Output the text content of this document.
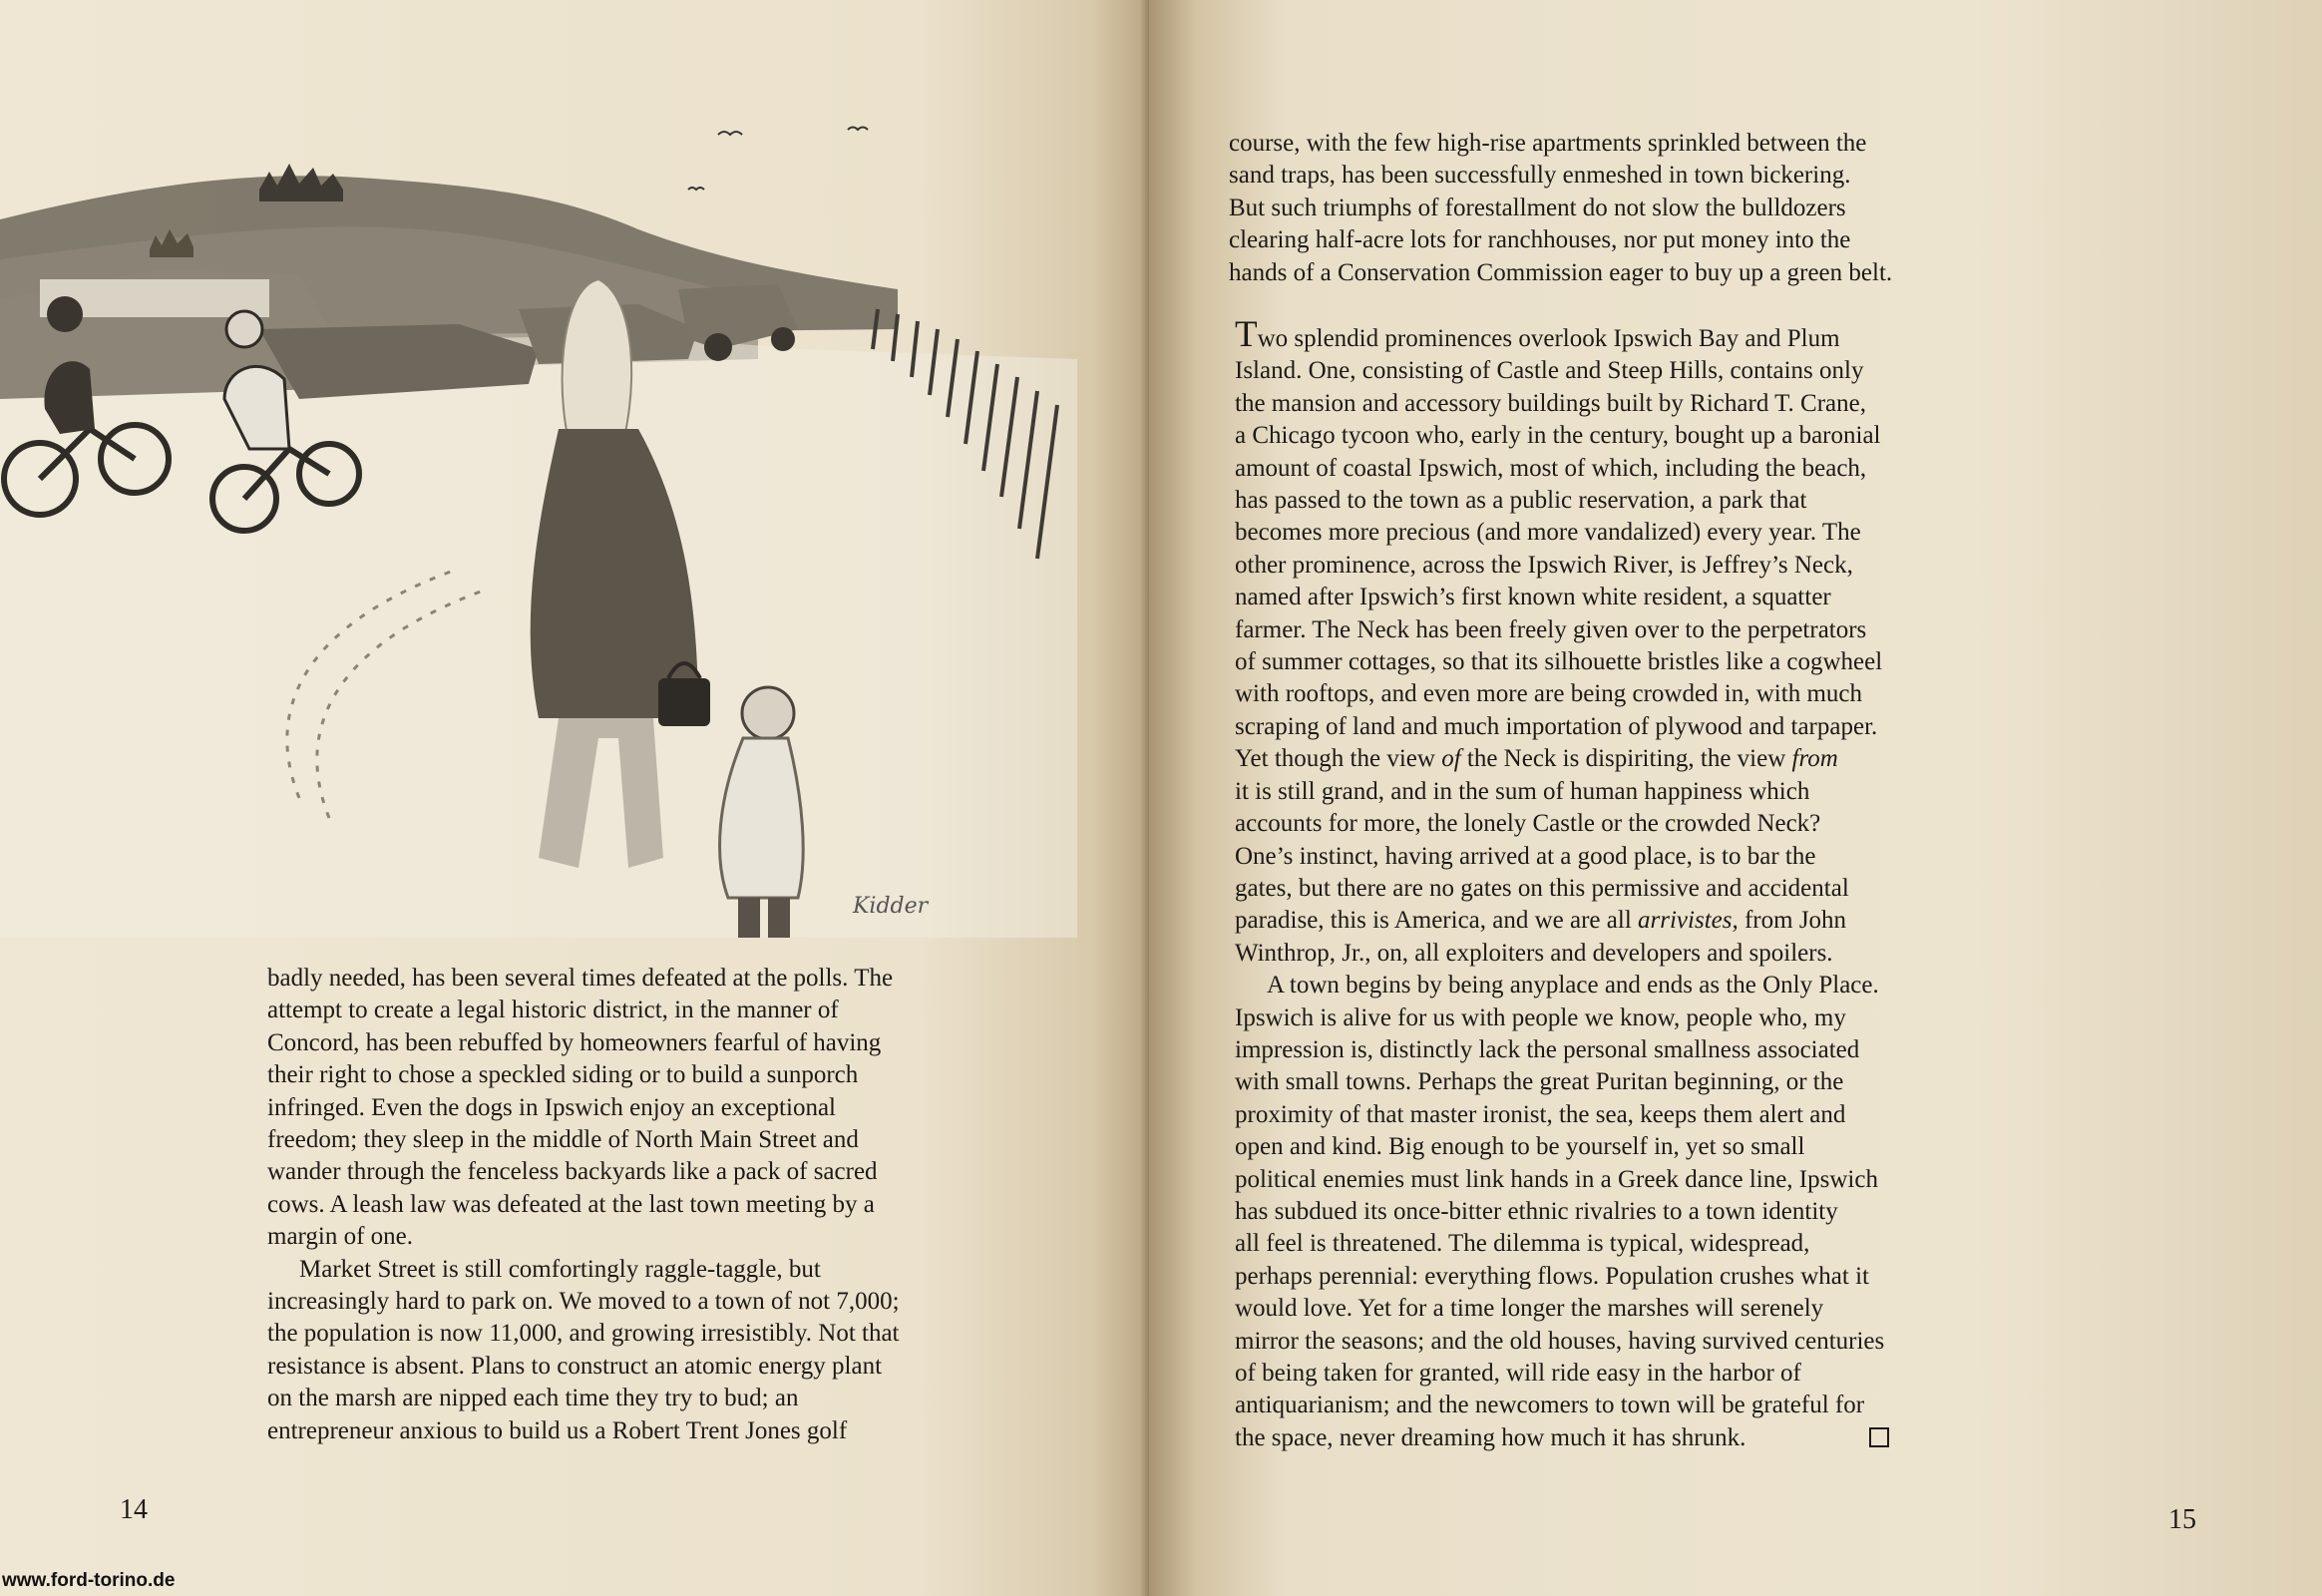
Kidder

badly needed, has been several times defeated at the polls. The

attempt to create a legal historic district, in the manner of

Concord, has been rebuffed by homeowners fearful of having

their right to chose a speckled siding or to build a sunporch

infringed. Even the dogs in Ipswich enjoy an exceptional

freedom; they sleep in the middle of North Main Street and

wander through the fenceless backyards like a pack of sacred

cows. A leash law was defeated at the last town meeting by a

margin of one.

Market Street is still comfortingly raggle-taggle, but

increasingly hard to park on. We moved to a town of not 7,000;

the population is now 11,000, and growing irresistibly. Not that

resistance is absent. Plans to construct an atomic energy plant

on the marsh are nipped each time they try to bud; an

entrepreneur anxious to build us a Robert Trent Jones golf

14

course, with the few high-rise apartments sprinkled between the

sand traps, has been successfully enmeshed in town bickering.

But such triumphs of forestallment do not slow the bulldozers

clearing half-acre lots for ranchhouses, nor put money into the

hands of a Conservation Commission eager to buy up a green belt.

Two splendid prominences overlook Ipswich Bay and Plum

Island. One, consisting of Castle and Steep Hills, contains only

the mansion and accessory buildings built by Richard T. Crane,

a Chicago tycoon who, early in the century, bought up a baronial

amount of coastal Ipswich, most of which, including the beach,

has passed to the town as a public reservation, a park that

becomes more precious (and more vandalized) every year. The

other prominence, across the Ipswich River, is Jeffrey’s Neck,

named after Ipswich’s first known white resident, a squatter

farmer. The Neck has been freely given over to the perpetrators

of summer cottages, so that its silhouette bristles like a cogwheel

with rooftops, and even more are being crowded in, with much

scraping of land and much importation of plywood and tarpaper.

Yet though the view of the Neck is dispiriting, the view from

it is still grand, and in the sum of human happiness which

accounts for more, the lonely Castle or the crowded Neck?

One’s instinct, having arrived at a good place, is to bar the

gates, but there are no gates on this permissive and accidental

paradise, this is America, and we are all arrivistes, from John

Winthrop, Jr., on, all exploiters and developers and spoilers.

A town begins by being anyplace and ends as the Only Place.

Ipswich is alive for us with people we know, people who, my

impression is, distinctly lack the personal smallness associated

with small towns. Perhaps the great Puritan beginning, or the

proximity of that master ironist, the sea, keeps them alert and

open and kind. Big enough to be yourself in, yet so small

political enemies must link hands in a Greek dance line, Ipswich

has subdued its once-bitter ethnic rivalries to a town identity

all feel is threatened. The dilemma is typical, widespread,

perhaps perennial: everything flows. Population crushes what it

would love. Yet for a time longer the marshes will serenely

mirror the seasons; and the old houses, having survived centuries

of being taken for granted, will ride easy in the harbor of

antiquarianism; and the newcomers to town will be grateful for

the space, never dreaming how much it has shrunk.

15
www.ford-torino.de
